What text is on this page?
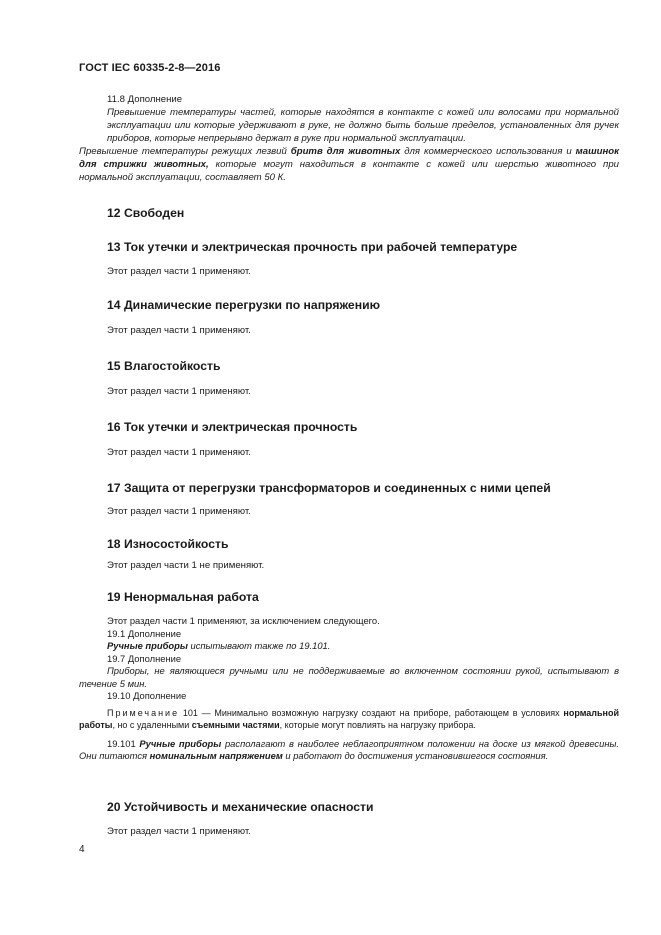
ГОСТ IEC 60335-2-8—2016

11.8 Дополнение

Превышение температуры частей, которые находятся в контакте с кожей или волосами при нормальной эксплуатации или которые удерживают в руке, не должно быть больше пределов, установленных для ручек приборов, которые непрерывно держат в руке при нормальной эксплуатации.

Превышение температуры режущих лезвий бритв для животных для коммерческого использования и машинок для стрижки животных, которые могут находиться в контакте с кожей или шерстью животного при нормальной эксплуатации, составляет 50 К.

12 Свободен
13 Ток утечки и электрическая прочность при рабочей температуре
Этот раздел части 1 применяют.
14 Динамические перегрузки по напряжению
Этот раздел части 1 применяют.
15 Влагостойкость
Этот раздел части 1 применяют.
16 Ток утечки и электрическая прочность
Этот раздел части 1 применяют.
17 Защита от перегрузки трансформаторов и соединенных с ними цепей
Этот раздел части 1 применяют.
18 Износостойкость
Этот раздел части 1 не применяют.
19 Ненормальная работа

Этот раздел части 1 применяют, за исключением следующего.

19.1 Дополнение

Ручные приборы испытывают также по 19.101.

19.7 Дополнение

Приборы, не являющиеся ручными или не поддерживаемые во включенном состоянии рукой, испытывают в течение 5 мин.

19.10 Дополнение

Примечание 101 — Минимально возможную нагрузку создают на приборе, работающем в условиях нормальной работы, но с удаленными съемными частями, которые могут повлиять на нагрузку прибора.

19.101 Ручные приборы располагают в наиболее неблагоприятном положении на доске из мягкой древесины. Они питаются номинальным напряжением и работают до достижения установившегося состояния.

20 Устойчивость и механические опасности
Этот раздел части 1 применяют.
4
